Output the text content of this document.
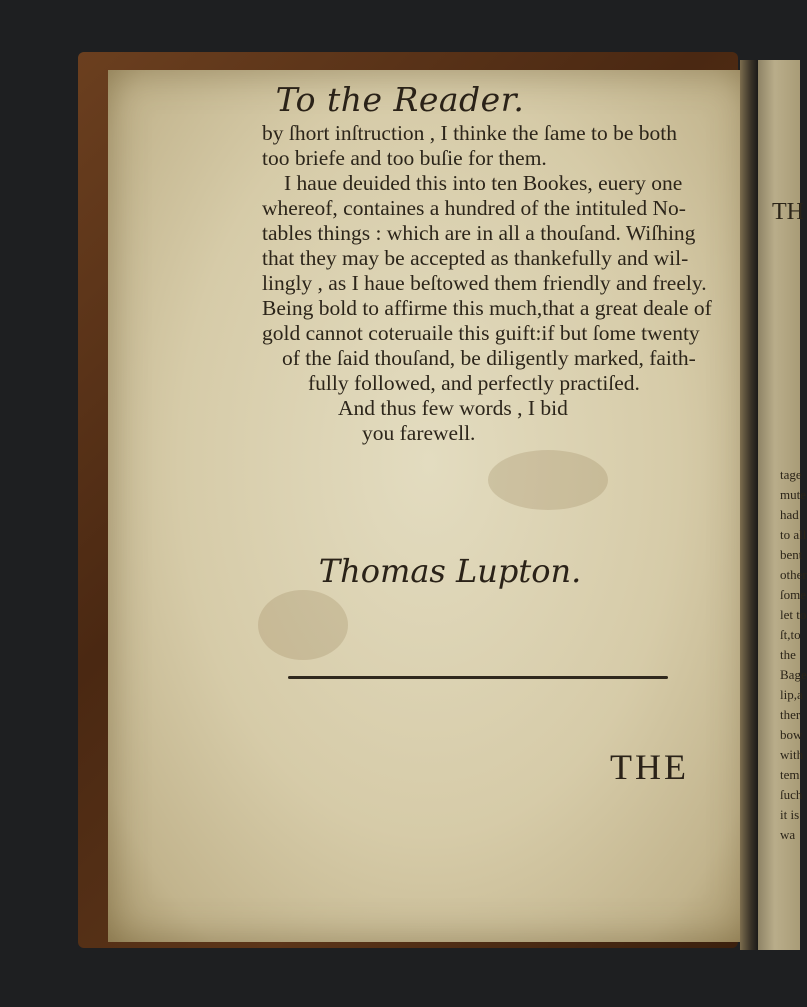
TH
tage
mute
had
to all
bent
other
ſome
let to
ſt,to
the
Bage
lip,a
ther
bow
with
tem
ſuch
it is
wa
To the Reader.
by ſhort inſtruction , I thinke the ſame to be both
too briefe and too buſie for them.
I haue deuided this into ten Bookes, euery one
whereof, containes a hundred of the intituled No-
tables things : which are in all a thouſand. Wiſhing
that they may be accepted as thankefully and wil-
lingly , as I haue beſtowed them friendly and freely.
Being bold to affirme this much,that a great deale of
gold cannot coteruaile this guift:if but ſome twenty
of the ſaid thouſand, be diligently marked, faith-
fully followed, and perfectly practiſed.
And thus few words , I bid
you farewell.
Thomas Lupton.
THE
